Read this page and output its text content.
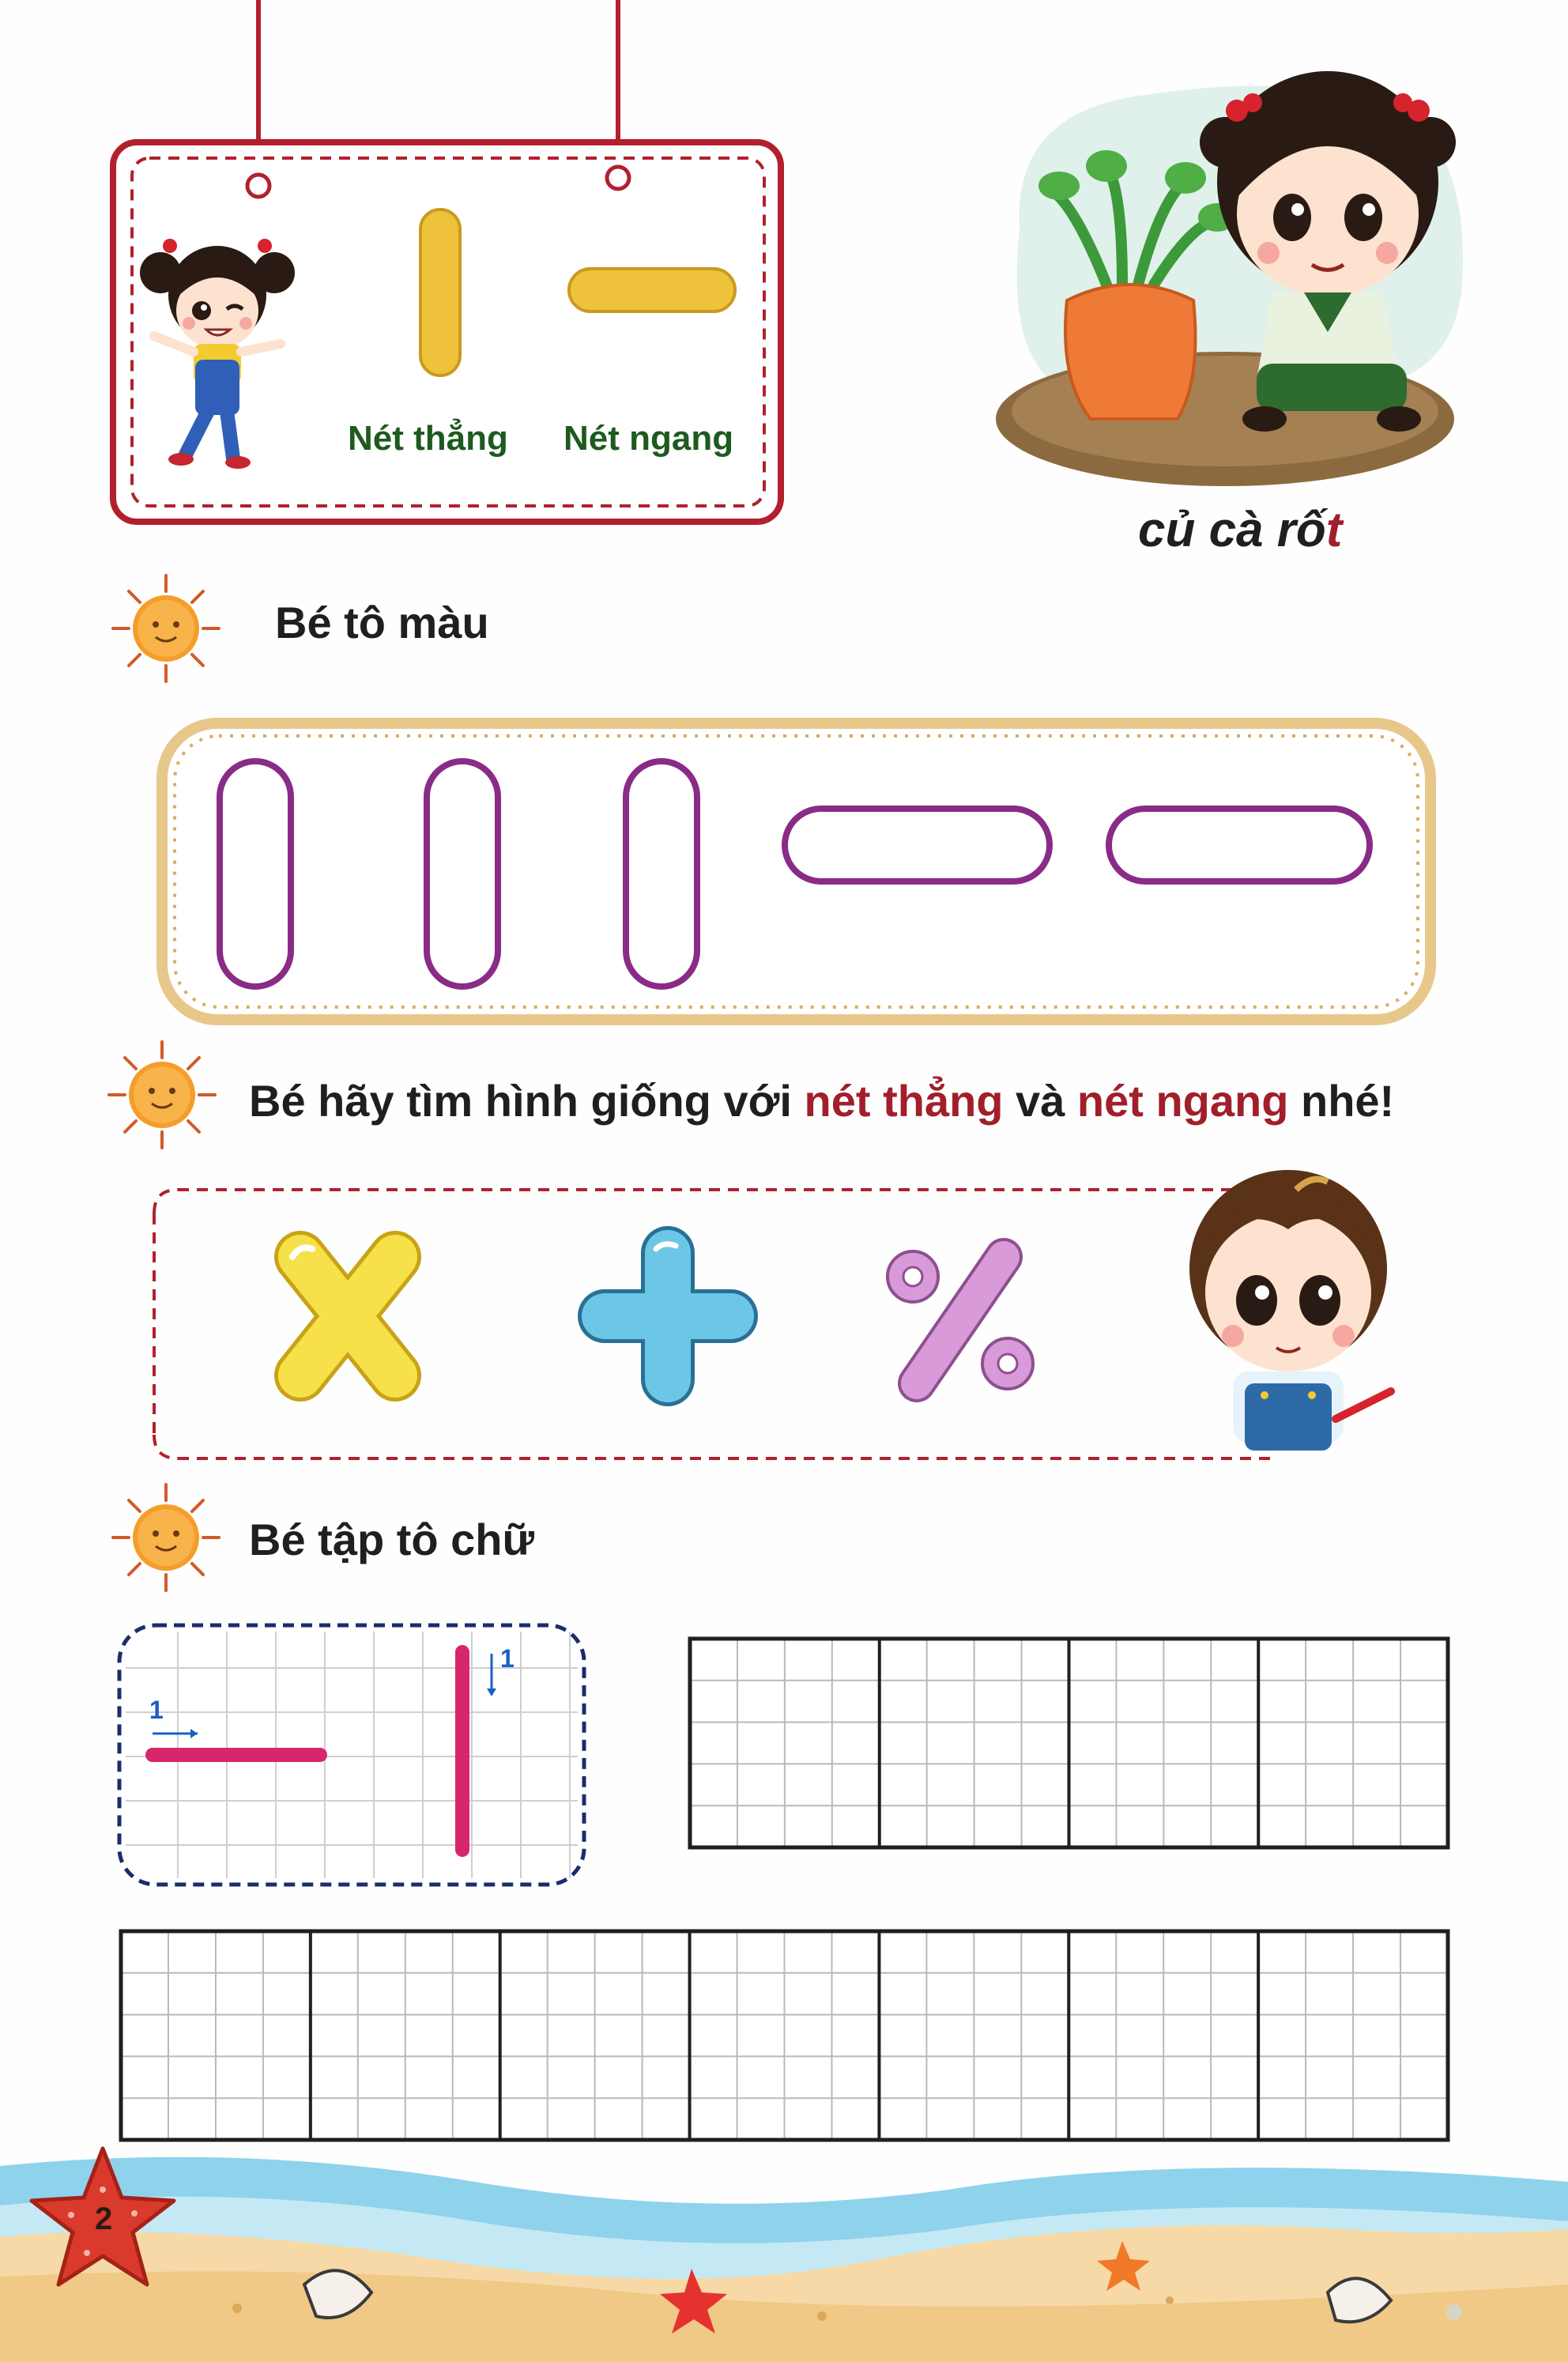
Nét thẳng Nét ngang
củ cà rốt
Bé tô màu
Bé hãy tìm hình giống với nét thẳng và nét ngang nhé!
Bé tập tô chữ
1
1
2
